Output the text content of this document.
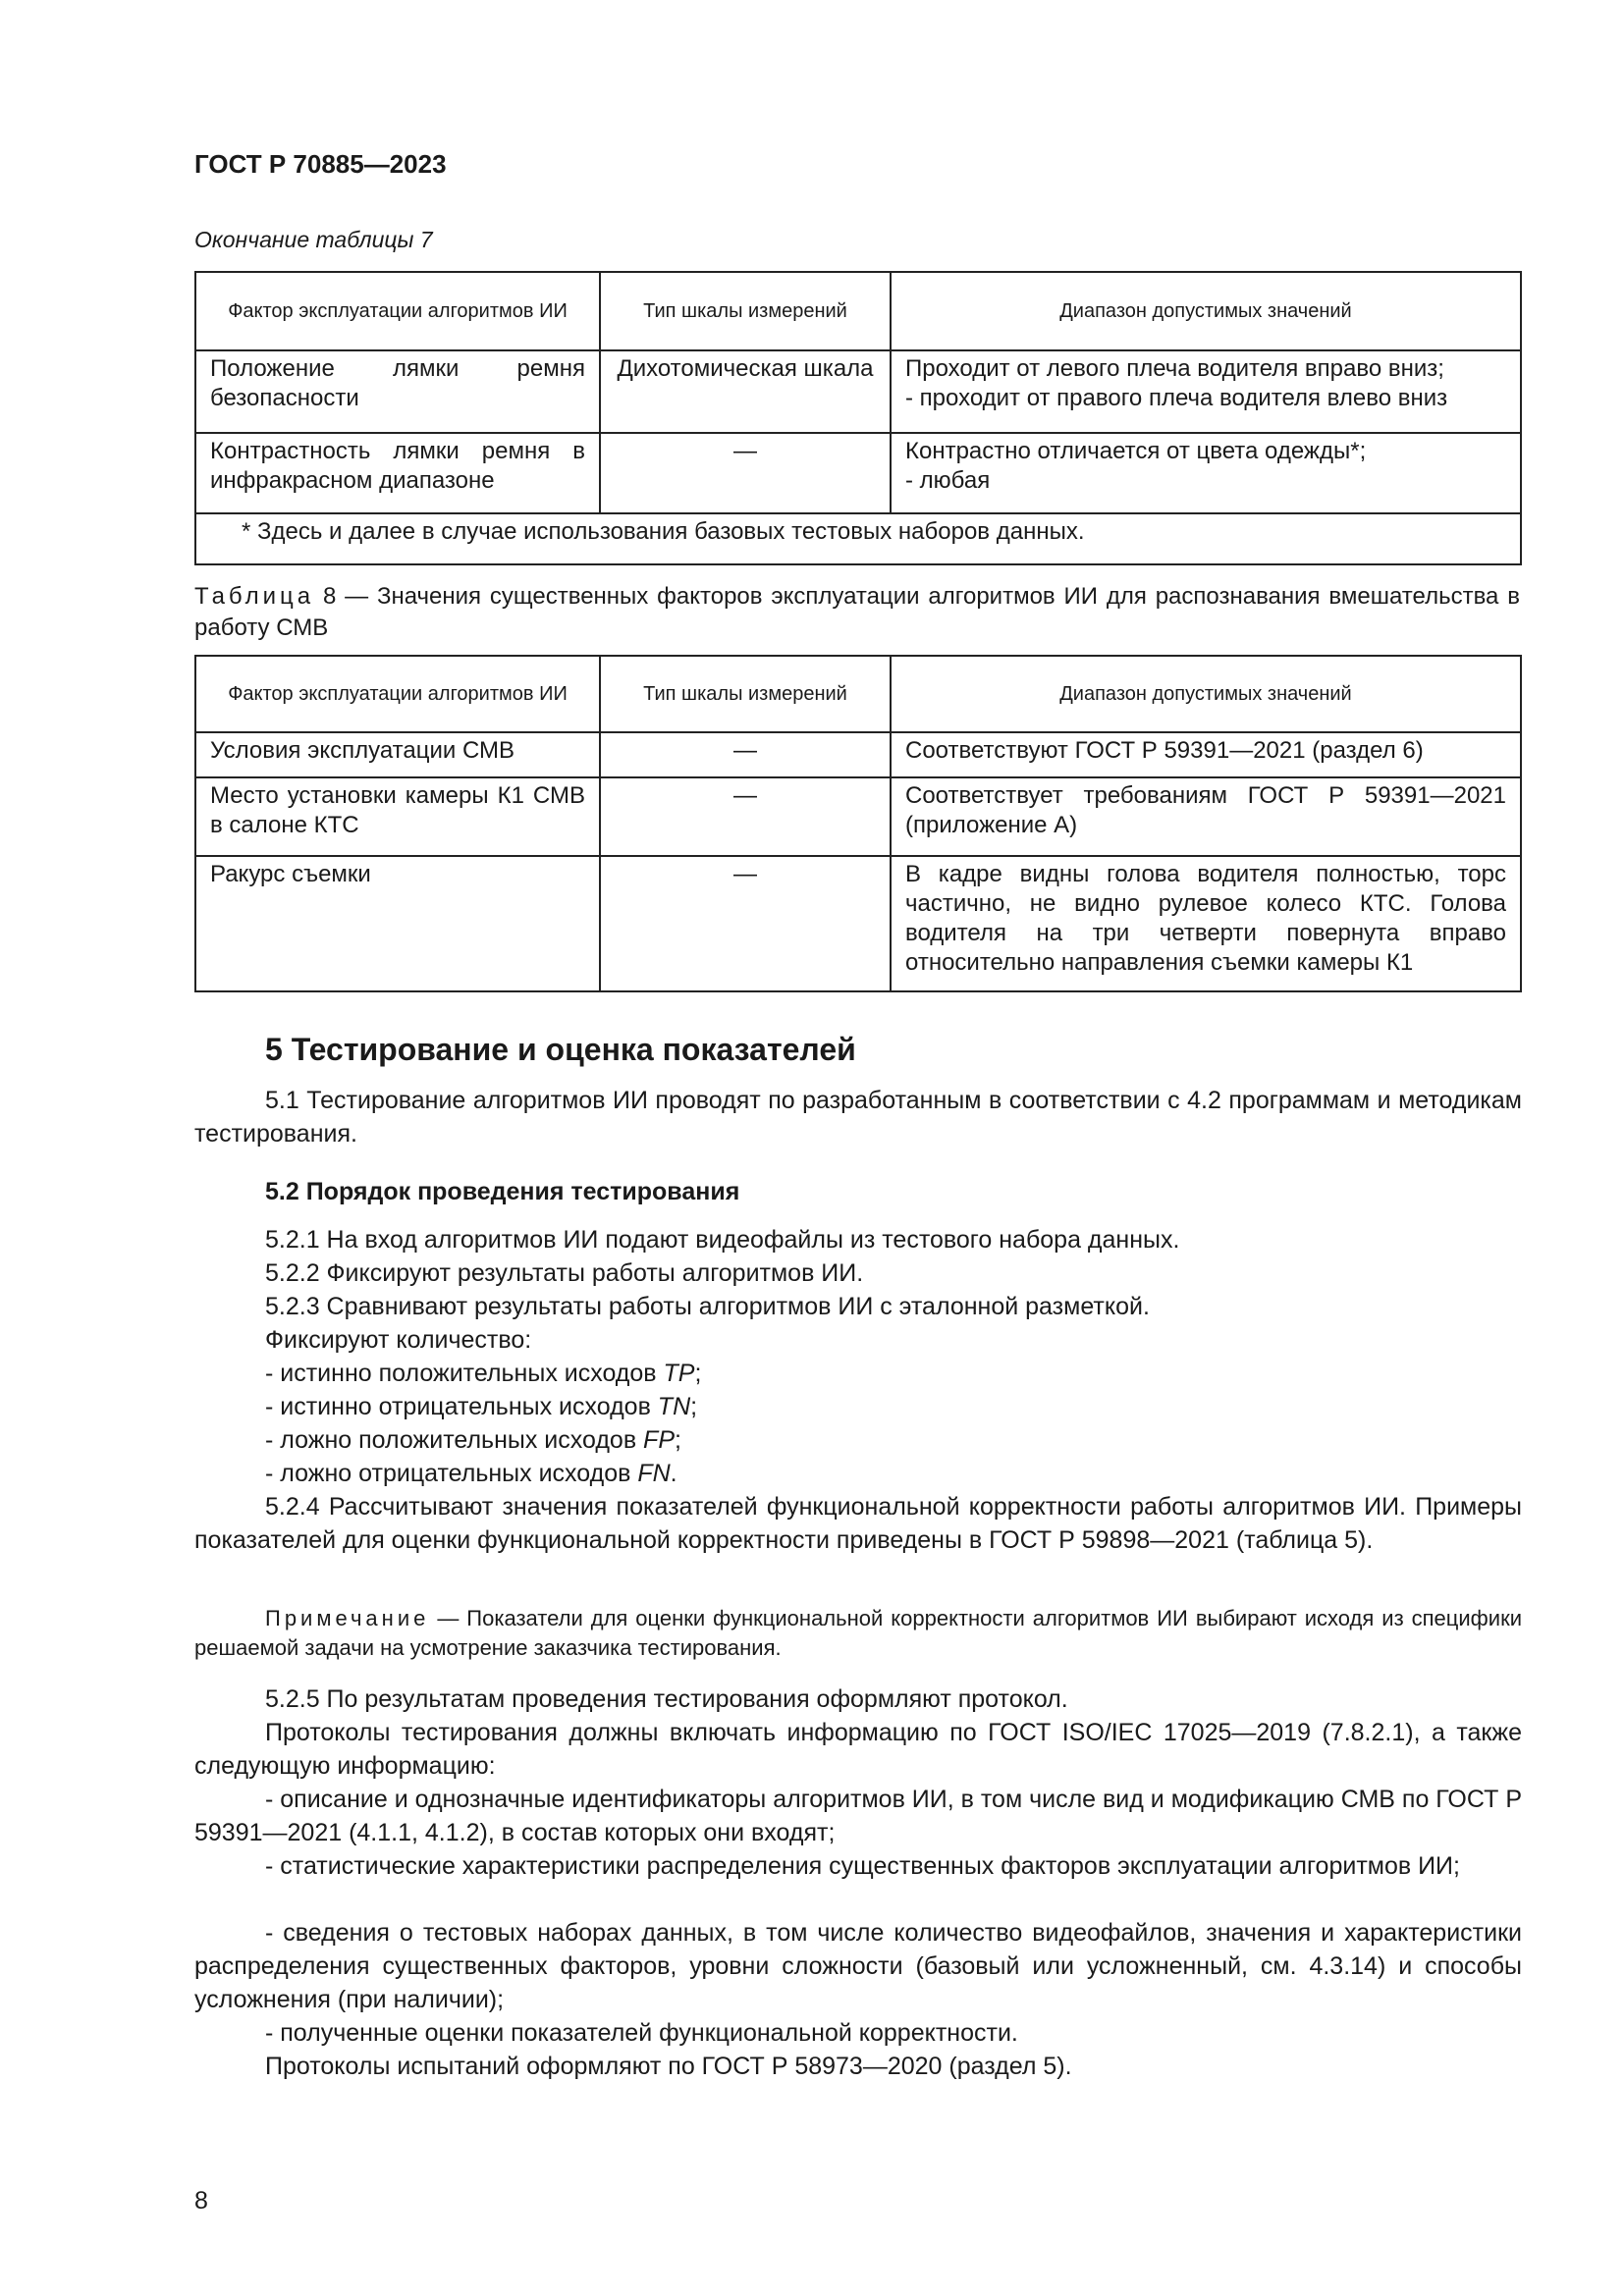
ГОСТ Р 70885—2023
Окончание таблицы 7
Фактор эксплуатации алгоритмов ИИ	Тип шкалы измерений	Диапазон допустимых значений
Положение лямки ремня безопасности	Дихотомическая шкала	Проходит от левого плеча водителя вправо вниз;
- проходит от правого плеча водителя влево вниз

Контрастность лямки ремня в инфракрасном диапазоне	—	Контрастно отличается от цвета одежды*;
- любая

* Здесь и далее в случае использования базовых тестовых наборов данных.		
Таблица 8 — Значения существенных факторов эксплуатации алгоритмов ИИ для распознавания вмешательства в работу СМВ
Фактор эксплуатации алгоритмов ИИ	Тип шкалы измерений	Диапазон допустимых значений
Условия эксплуатации СМВ	—	Соответствуют ГОСТ Р 59391—2021 (раздел 6)
Место установки камеры К1 СМВ в салоне КТС	—	Соответствует требованиям ГОСТ Р 59391—2021 (приложение А)
Ракурс съемки	—	В кадре видны голова водителя полностью, торс частично, не видно рулевое колесо КТС. Голова водителя на три четверти повернута вправо относительно направления съемки камеры К1
5 Тестирование и оценка показателей
5.1 Тестирование алгоритмов ИИ проводят по разработанным в соответствии с 4.2 программам и методикам тестирования.
5.2 Порядок проведения тестирования
5.2.1 На вход алгоритмов ИИ подают видеофайлы из тестового набора данных.
5.2.2 Фиксируют результаты работы алгоритмов ИИ.
5.2.3 Сравнивают результаты работы алгоритмов ИИ с эталонной разметкой.
Фиксируют количество:
- истинно положительных исходов TP;
- истинно отрицательных исходов TN;
- ложно положительных исходов FP;
- ложно отрицательных исходов FN.
5.2.4 Рассчитывают значения показателей функциональной корректности работы алгоритмов ИИ. Примеры показателей для оценки функциональной корректности приведены в ГОСТ Р 59898—2021 (таблица 5).
Примечание — Показатели для оценки функциональной корректности алгоритмов ИИ выбирают исходя из специфики решаемой задачи на усмотрение заказчика тестирования.
5.2.5 По результатам проведения тестирования оформляют протокол.
Протоколы тестирования должны включать информацию по ГОСТ ISO/IEC 17025—2019 (7.8.2.1), а также следующую информацию:
- описание и однозначные идентификаторы алгоритмов ИИ, в том числе вид и модификацию СМВ по ГОСТ Р 59391—2021 (4.1.1, 4.1.2), в состав которых они входят;
- статистические характеристики распределения существенных факторов эксплуатации алгоритмов ИИ;
- сведения о тестовых наборах данных, в том числе количество видеофайлов, значения и характеристики распределения существенных факторов, уровни сложности (базовый или усложненный, см. 4.3.14) и способы усложнения (при наличии);
- полученные оценки показателей функциональной корректности.
Протоколы испытаний оформляют по ГОСТ Р 58973—2020 (раздел 5).
8
